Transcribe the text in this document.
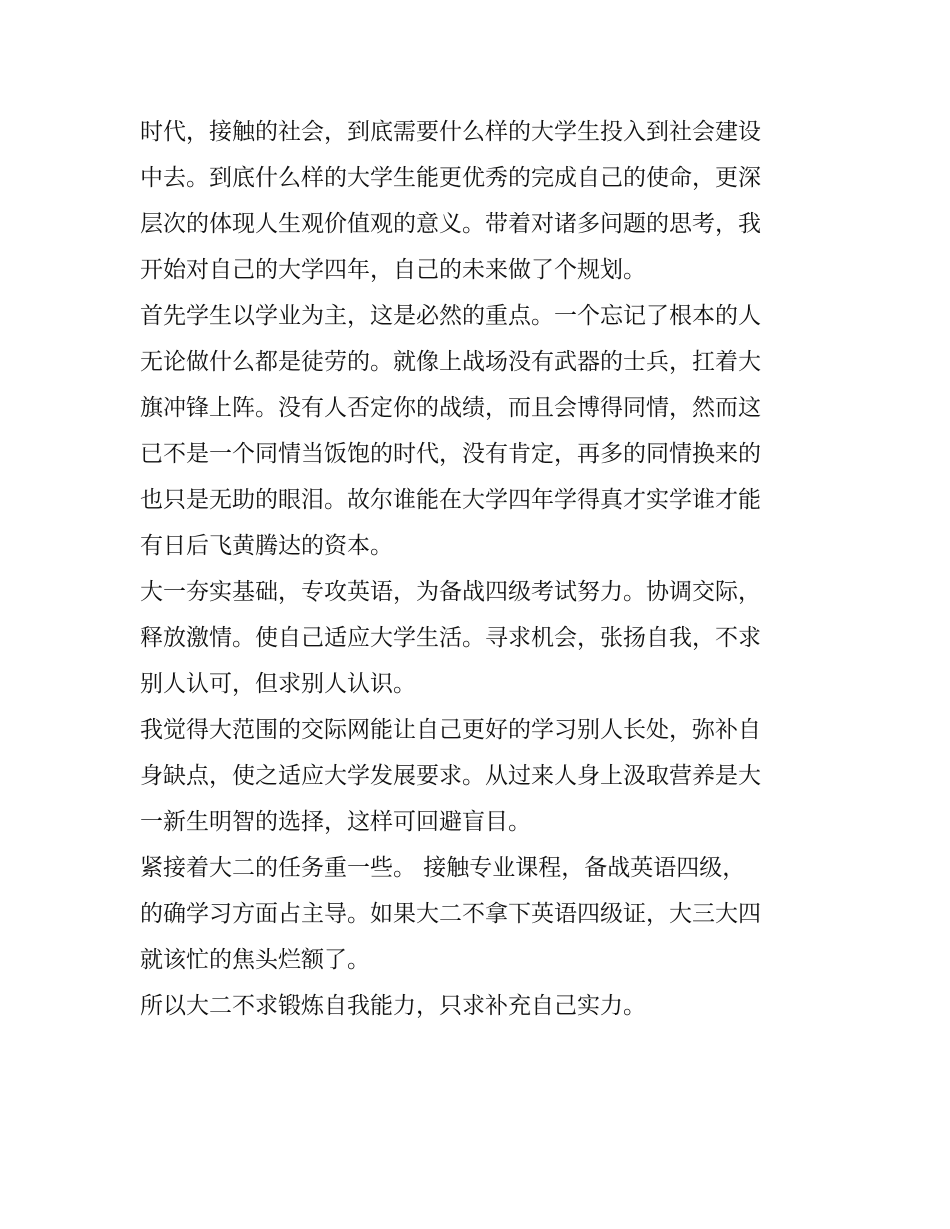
时代，接触的社会，到底需要什么样的大学生投入到社会建设

中去。到底什么样的大学生能更优秀的完成自己的使命，更深

层次的体现人生观价值观的意义。带着对诸多问题的思考，我

开始对自己的大学四年，自己的未来做了个规划。

首先学生以学业为主，这是必然的重点。一个忘记了根本的人

无论做什么都是徒劳的。就像上战场没有武器的士兵，扛着大

旗冲锋上阵。没有人否定你的战绩，而且会博得同情，然而这

已不是一个同情当饭饱的时代，没有肯定，再多的同情换来的

也只是无助的眼泪。故尔谁能在大学四年学得真才实学谁才能

有日后飞黄腾达的资本。

大一夯实基础，专攻英语，为备战四级考试努力。协调交际，

释放激情。使自己适应大学生活。寻求机会，张扬自我，不求

别人认可，但求别人认识。

我觉得大范围的交际网能让自己更好的学习别人长处，弥补自

身缺点，使之适应大学发展要求。从过来人身上汲取营养是大

一新生明智的选择，这样可回避盲目。

紧接着大二的任务重一些。 接触专业课程，备战英语四级，

的确学习方面占主导。如果大二不拿下英语四级证，大三大四

就该忙的焦头烂额了。

所以大二不求锻炼自我能力，只求补充自己实力。
